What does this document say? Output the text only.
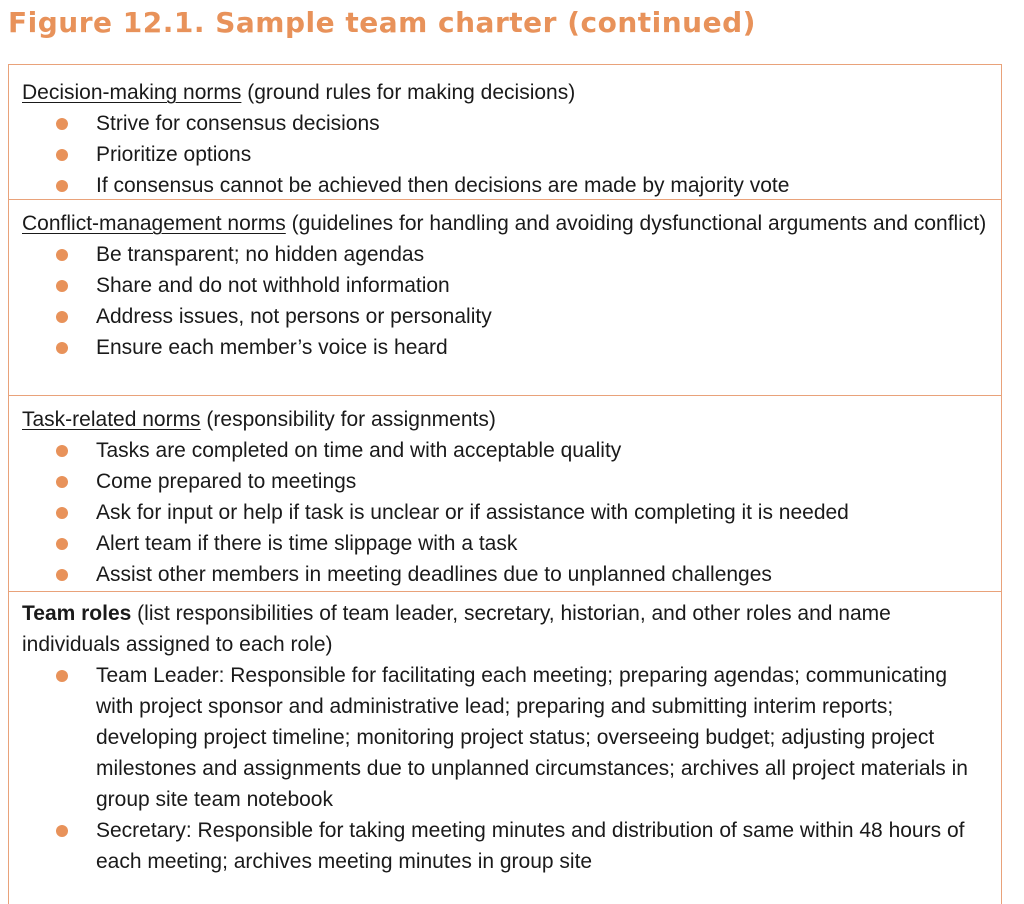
Figure 12.1. Sample team charter (continued)

Decision-making norms (ground rules for making decisions)

Strive for consensus decisions
Prioritize options
If consensus cannot be achieved then decisions are made by majority vote

Conflict-management norms (guidelines for handling and avoiding dysfunctional arguments and conflict)

Be transparent; no hidden agendas
Share and do not withhold information
Address issues, not persons or personality
Ensure each member’s voice is heard

Task-related norms (responsibility for assignments)

Tasks are completed on time and with acceptable quality
Come prepared to meetings
Ask for input or help if task is unclear or if assistance with completing it is needed
Alert team if there is time slippage with a task
Assist other members in meeting deadlines due to unplanned challenges

Team roles (list responsibilities of team leader, secretary, historian, and other roles and name individuals assigned to each role)

Team Leader: Responsible for facilitating each meeting; preparing agendas; communicating with project sponsor and administrative lead; preparing and submitting interim reports; developing project timeline; monitoring project status; overseeing budget; adjusting project milestones and assignments due to unplanned circumstances; archives all project materials in group site team notebook
Secretary: Responsible for taking meeting minutes and distribution of same within 48 hours of each meeting; archives meeting minutes in group site
